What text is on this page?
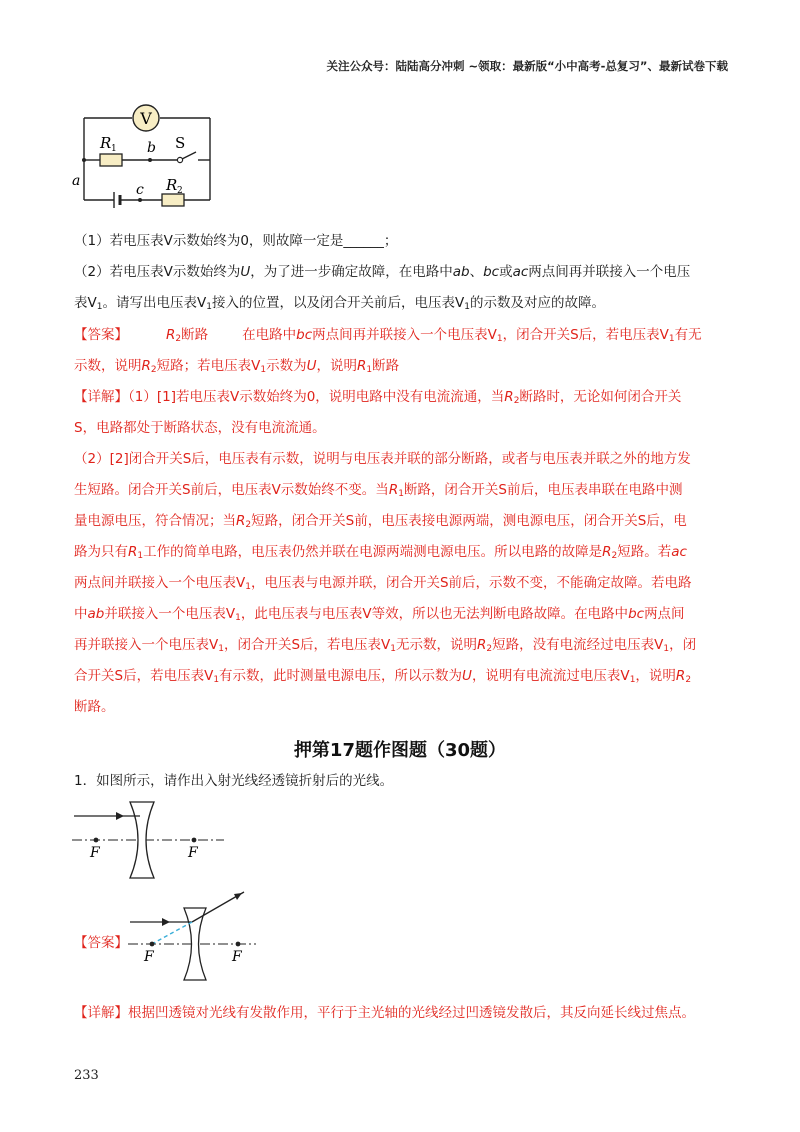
关注公众号：陆陆高分冲刺 ~领取：最新版“小中高考-总复习”、最新试卷下载
V
R 1 b S
a
c R 2
（1）若电压表V示数始终为0，则故障一定是______；
（2）若电压表V示数始终为U，为了进一步确定故障，在电路中ab、bc或ac两点间再并联接入一个电压
表$V_1$。请写出电压表$V_1$接入的位置，以及闭合开关前后，电压表$V_1$的示数及对应的故障。
【答案】	$R_2$断路	在电路中bc两点间再并联接入一个电压表$V_1$，闭合开关S后，若电压表$V_1$有无
示数，说明$R_2$短路；若电压表$V_1$示数为U，说明$R_1$断路
【详解】（1）[1]若电压表V示数始终为0，说明电路中没有电流流通，当$R_2$断路时，无论如何闭合开关
S，电路都处于断路状态，没有电流流通。
（2）[2]闭合开关S后，电压表有示数，说明与电压表并联的部分断路，或者与电压表并联之外的地方发
生短路。闭合开关S前后，电压表V示数始终不变。当$R_1$断路，闭合开关S前后，电压表串联在电路中测
量电源电压，符合情况；当$R_2$短路，闭合开关S前，电压表接电源两端，测电源电压，闭合开关S后，电
路为只有$R_1$工作的简单电路，电压表仍然并联在电源两端测电源电压。所以电路的故障是$R_2$短路。若ac
两点间并联接入一个电压表$V_1$，电压表与电源并联，闭合开关S前后，示数不变，不能确定故障。若电路
中ab并联接入一个电压表$V_1$，此电压表与电压表V等效，所以也无法判断电路故障。在电路中bc两点间
再并联接入一个电压表$V_1$，闭合开关S后，若电压表$V_1$无示数，说明$R_2$短路，没有电流经过电压表$V_1$，闭
合开关S后，若电压表$V_1$有示数，此时测量电源电压，所以示数为U，说明有电流流过电压表$V_1$，说明$R_2$
断路。
押第17题作图题（30题）
1．如图所示，请作出入射光线经透镜折射后的光线。
F	F
【答案】
F	F
【详解】根据凹透镜对光线有发散作用，平行于主光轴的光线经过凹透镜发散后，其反向延长线过焦点。
233
